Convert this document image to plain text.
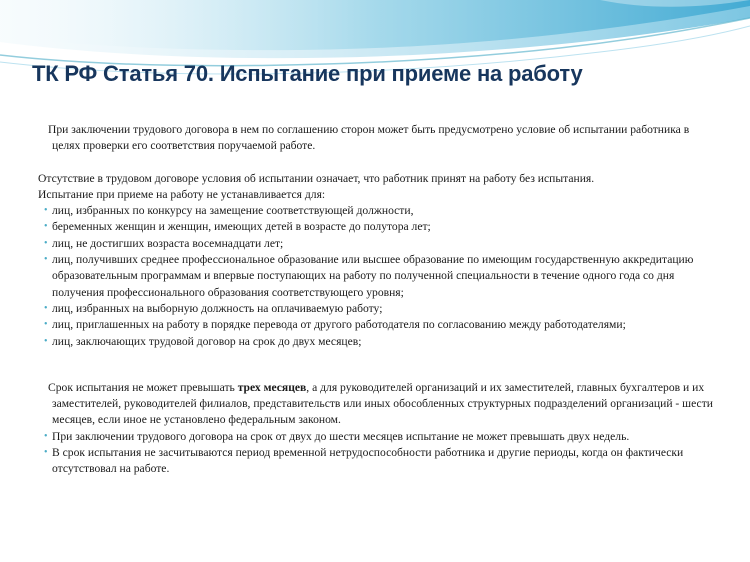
ТК РФ Статья 70. Испытание при приеме на работу

При заключении трудового договора в нем по соглашению сторон может быть предусмотрено условие об испытании работника в целях проверки его соответствия поручаемой работе.

Отсутствие в трудовом договоре условия об испытании означает, что работник принят на работу без испытания.

Испытание при приеме на работу не устанавливается для:

• лиц, избранных по конкурсу на замещение соответствующей должности,
• беременных женщин и женщин, имеющих детей в возрасте до полутора лет;
• лиц, не достигших возраста восемнадцати лет;
• лиц, получивших среднее профессиональное образование или высшее образование по имеющим государственную аккредитацию образовательным программам и впервые поступающих на работу по полученной специальности в течение одного года со дня получения профессионального образования соответствующего уровня;
• лиц, избранных на выборную должность на оплачиваемую работу;
• лиц, приглашенных на работу в порядке перевода от другого работодателя по согласованию между работодателями;
• лиц, заключающих трудовой договор на срок до двух месяцев;

Срок испытания не может превышать трех месяцев, а для руководителей организаций и их заместителей, главных бухгалтеров и их заместителей, руководителей филиалов, представительств или иных обособленных структурных подразделений организаций - шести месяцев, если иное не установлено федеральным законом.

• При заключении трудового договора на срок от двух до шести месяцев испытание не может превышать двух недель.
• В срок испытания не засчитываются период временной нетрудоспособности работника и другие периоды, когда он фактически отсутствовал на работе.
